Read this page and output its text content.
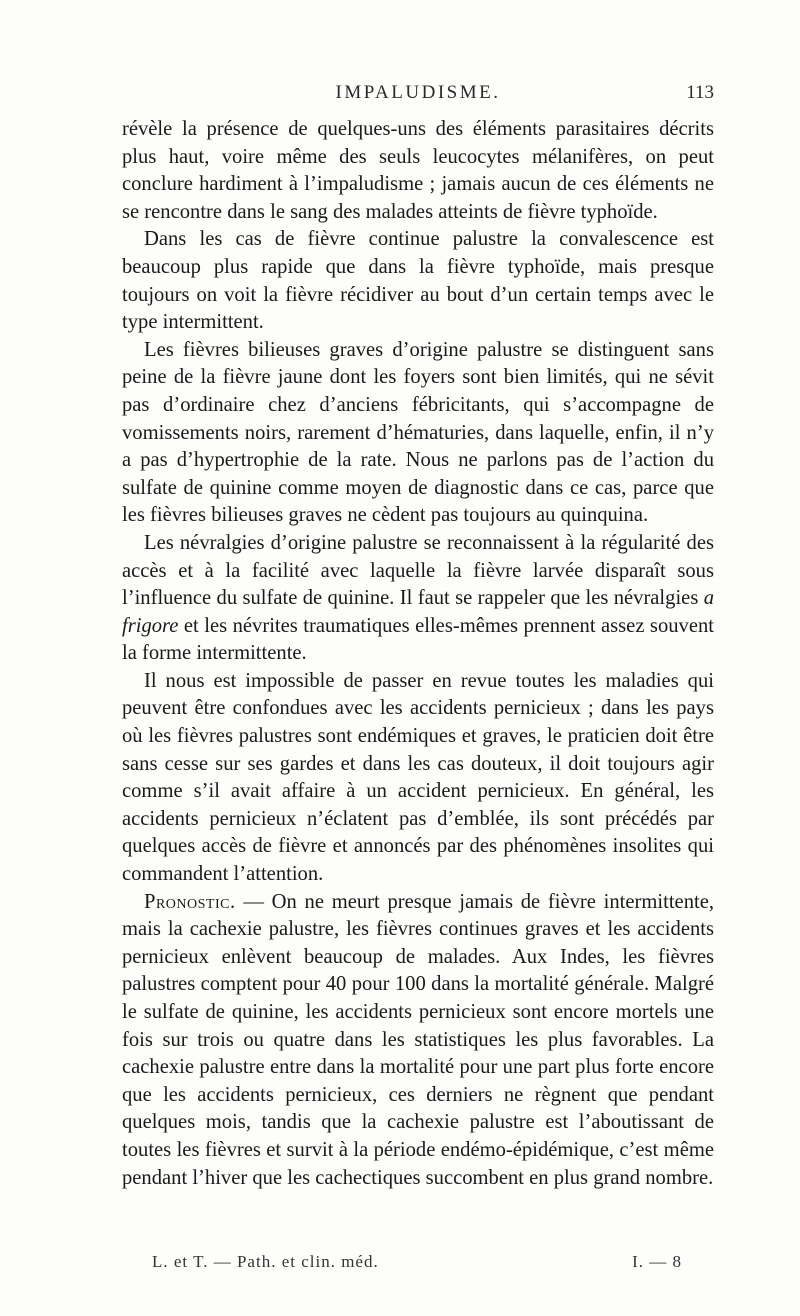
IMPALUDISME.	113

révèle la présence de quelques-uns des éléments parasitaires décrits plus haut, voire même des seuls leucocytes mélanifères, on peut conclure hardiment à l’impaludisme ; jamais aucun de ces éléments ne se rencontre dans le sang des malades atteints de fièvre typhoïde.

Dans les cas de fièvre continue palustre la convalescence est beaucoup plus rapide que dans la fièvre typhoïde, mais presque toujours on voit la fièvre récidiver au bout d’un certain temps avec le type intermittent.

Les fièvres bilieuses graves d’origine palustre se distinguent sans peine de la fièvre jaune dont les foyers sont bien limités, qui ne sévit pas d’ordinaire chez d’anciens fébricitants, qui s’accompagne de vomissements noirs, rarement d’hématuries, dans laquelle, enfin, il n’y a pas d’hypertrophie de la rate. Nous ne parlons pas de l’action du sulfate de quinine comme moyen de diagnostic dans ce cas, parce que les fièvres bilieuses graves ne cèdent pas toujours au quinquina.

Les névralgies d’origine palustre se reconnaissent à la régularité des accès et à la facilité avec laquelle la fièvre larvée disparaît sous l’influence du sulfate de quinine. Il faut se rappeler que les névralgies a frigore et les névrites traumatiques elles-mêmes prennent assez souvent la forme intermittente.

Il nous est impossible de passer en revue toutes les maladies qui peuvent être confondues avec les accidents pernicieux ; dans les pays où les fièvres palustres sont endémiques et graves, le praticien doit être sans cesse sur ses gardes et dans les cas douteux, il doit toujours agir comme s’il avait affaire à un accident pernicieux. En général, les accidents pernicieux n’éclatent pas d’emblée, ils sont précédés par quelques accès de fièvre et annoncés par des phénomènes insolites qui commandent l’attention.

Pronostic. — On ne meurt presque jamais de fièvre intermittente, mais la cachexie palustre, les fièvres continues graves et les accidents pernicieux enlèvent beaucoup de malades. Aux Indes, les fièvres palustres comptent pour 40 pour 100 dans la mortalité générale. Malgré le sulfate de quinine, les accidents pernicieux sont encore mortels une fois sur trois ou quatre dans les statistiques les plus favorables. La cachexie palustre entre dans la mortalité pour une part plus forte encore que les accidents pernicieux, ces derniers ne règnent que pendant quelques mois, tandis que la cachexie palustre est l’aboutissant de toutes les fièvres et survit à la période endémo-épidémique, c’est même pendant l’hiver que les cachectiques succombent en plus grand nombre.

L. et T. — Path. et clin. méd.	I. — 8
